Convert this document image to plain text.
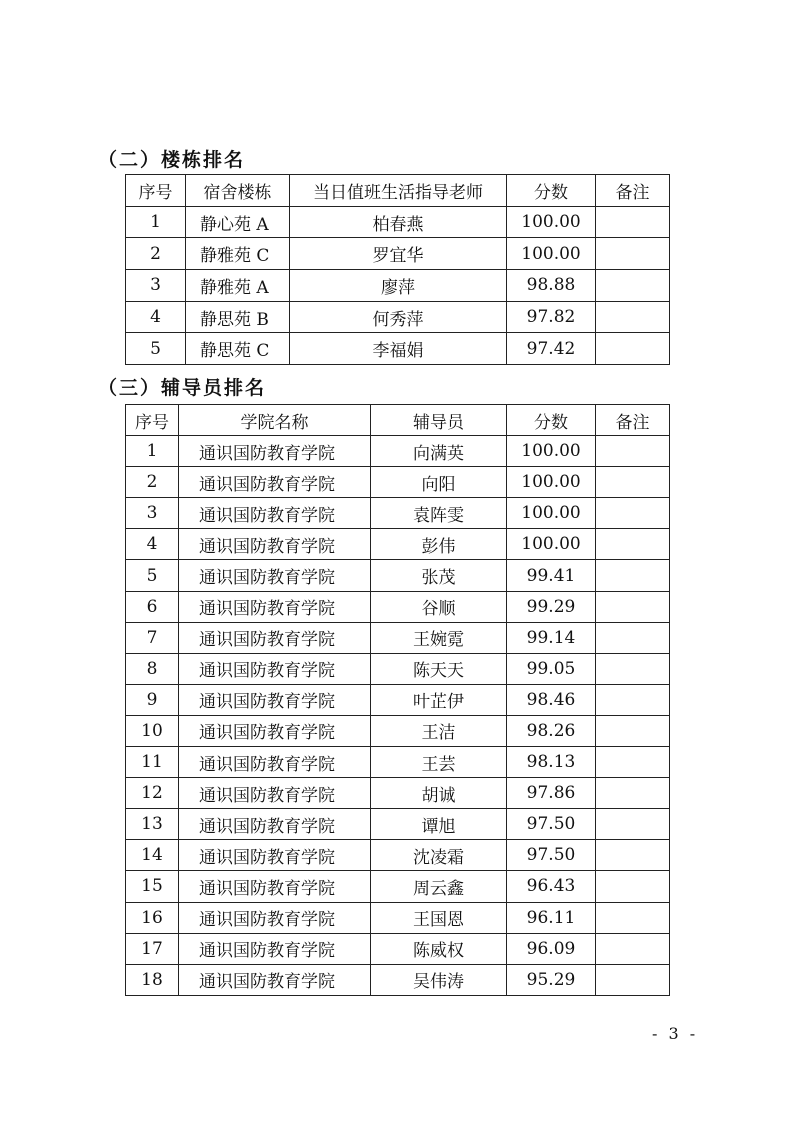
（二）楼栋排名
序号	宿舍楼栋	当日值班生活指导老师	分数	备注
1	静心苑 A	柏春燕	100.00	
2	静雅苑 C	罗宜华	100.00	
3	静雅苑 A	廖萍	98.88	
4	静思苑 B	何秀萍	97.82	
5	静思苑 C	李福娟	97.42	
（三）辅导员排名
序号	学院名称	辅导员	分数	备注
1	通识国防教育学院	向满英	100.00	
2	通识国防教育学院	向阳	100.00	
3	通识国防教育学院	袁阵雯	100.00	
4	通识国防教育学院	彭伟	100.00	
5	通识国防教育学院	张茂	99.41	
6	通识国防教育学院	谷顺	99.29	
7	通识国防教育学院	王婉霓	99.14	
8	通识国防教育学院	陈天天	99.05	
9	通识国防教育学院	叶芷伊	98.46	
10	通识国防教育学院	王洁	98.26	
11	通识国防教育学院	王芸	98.13	
12	通识国防教育学院	胡诚	97.86	
13	通识国防教育学院	谭旭	97.50	
14	通识国防教育学院	沈凌霜	97.50	
15	通识国防教育学院	周云鑫	96.43	
16	通识国防教育学院	王国恩	96.11	
17	通识国防教育学院	陈威权	96.09	
18	通识国防教育学院	吴伟涛	95.29	
- 3 -
